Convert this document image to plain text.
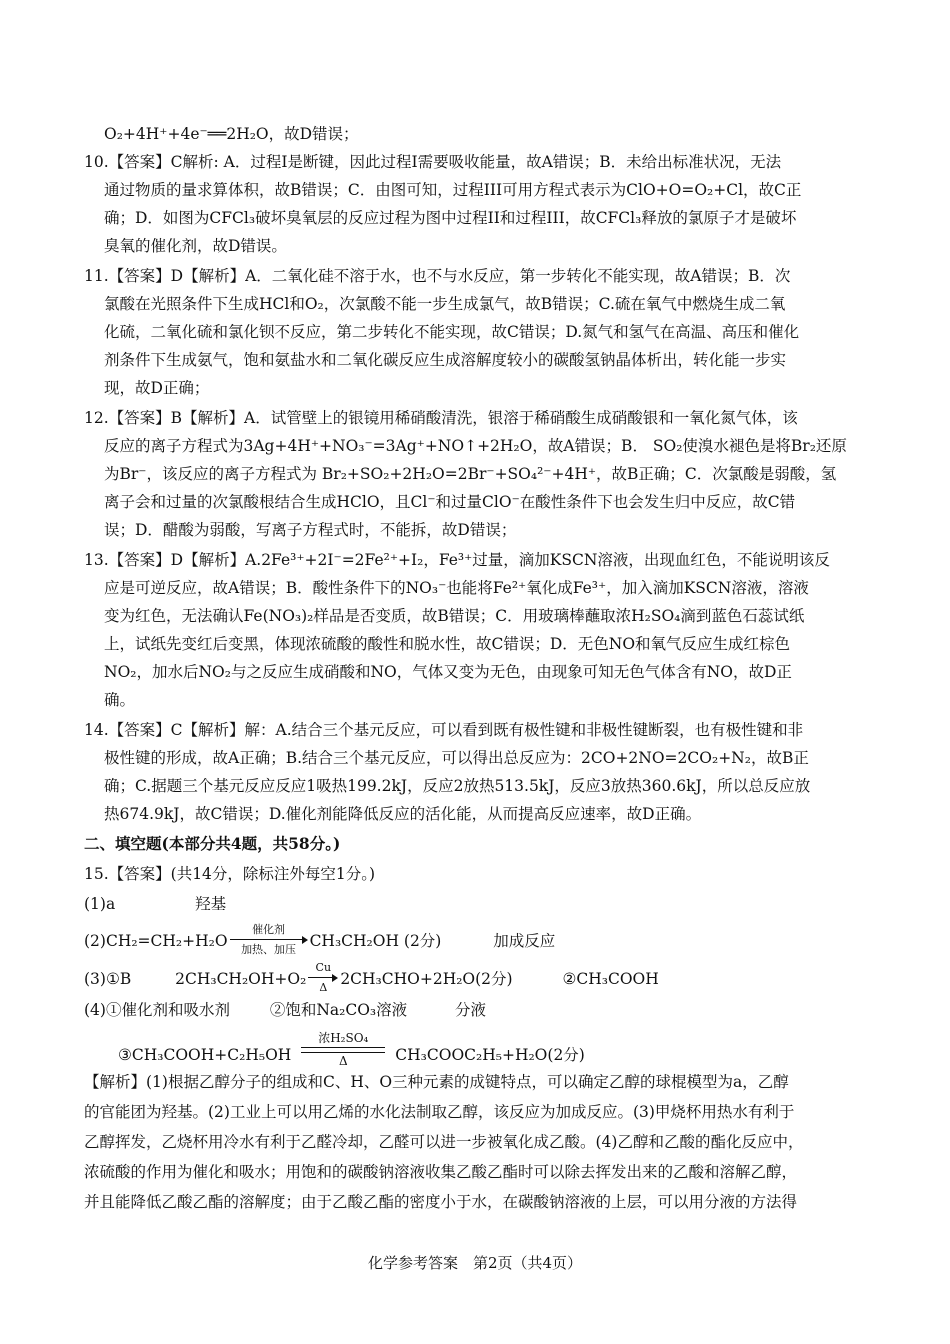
O₂+4H⁺+4e⁻══2H₂O，故D错误；
10.【答案】C解析: A．过程I是断键，因此过程I需要吸收能量，故A错误；B．未给出标准状况，无法
通过物质的量求算体积，故B错误；C．由图可知，过程III可用方程式表示为ClO+O=O₂+Cl，故C正
确；D．如图为CFCl₃破坏臭氧层的反应过程为图中过程II和过程III，故CFCl₃释放的氯原子才是破坏
臭氧的催化剂，故D错误。
11.【答案】D【解析】A．二氧化硅不溶于水，也不与水反应，第一步转化不能实现，故A错误；B．次
氯酸在光照条件下生成HCl和O₂，次氯酸不能一步生成氯气，故B错误；C.硫在氧气中燃烧生成二氧
化硫，二氧化硫和氯化钡不反应，第二步转化不能实现，故C错误；D.氮气和氢气在高温、高压和催化
剂条件下生成氨气，饱和氨盐水和二氧化碳反应生成溶解度较小的碳酸氢钠晶体析出，转化能一步实
现，故D正确；
12.【答案】B【解析】A．试管壁上的银镜用稀硝酸清洗，银溶于稀硝酸生成硝酸银和一氧化氮气体，该
反应的离子方程式为3Ag+4H⁺+NO₃⁻=3Ag⁺+NO↑+2H₂O，故A错误；B． SO₂使溴水褪色是将Br₂还原
为Br⁻，该反应的离子方程式为 Br₂+SO₂+2H₂O=2Br⁻+SO₄²⁻+4H⁺，故B正确；C．次氯酸是弱酸，氢
离子会和过量的次氯酸根结合生成HClO，且Cl⁻和过量ClO⁻在酸性条件下也会发生归中反应，故C错
误；D．醋酸为弱酸，写离子方程式时，不能拆，故D错误；
13.【答案】D【解析】A.2Fe³⁺+2I⁻=2Fe²⁺+I₂，Fe³⁺过量，滴加KSCN溶液，出现血红色，不能说明该反
应是可逆反应，故A错误；B．酸性条件下的NO₃⁻也能将Fe²⁺氧化成Fe³⁺，加入滴加KSCN溶液，溶液
变为红色，无法确认Fe(NO₃)₂样品是否变质，故B错误；C．用玻璃棒蘸取浓H₂SO₄滴到蓝色石蕊试纸
上，试纸先变红后变黑，体现浓硫酸的酸性和脱水性，故C错误；D．无色NO和氧气反应生成红棕色
NO₂，加水后NO₂与之反应生成硝酸和NO，气体又变为无色，由现象可知无色气体含有NO，故D正
确。
14.【答案】C【解析】解：A.结合三个基元反应，可以看到既有极性键和非极性键断裂，也有极性键和非
极性键的形成，故A正确；B.结合三个基元反应，可以得出总反应为：2CO+2NO=2CO₂+N₂，故B正
确；C.据题三个基元反应反应1吸热199.2kJ，反应2放热513.5kJ，反应3放热360.6kJ，所以总反应放
热674.9kJ，故C错误；D.催化剂能降低反应的活化能，从而提高反应速率，故D正确。
二、填空题(本部分共4题，共58分。)
15.【答案】(共14分，除标注外每空1分。)
(1)a	羟基
(2)CH₂=CH₂+H₂O
催化剂
加热、加压 CH₃CH₂OH (2分)	加成反应
(3)①B	2CH₃CH₂OH+O₂
Cu
Δ 2CH₃CHO+2H₂O(2分)	②CH₃COOH
(4)①催化剂和吸水剂	②饱和Na₂CO₃溶液	分液
③CH₃COOH+C₂H₅OH
浓H₂SO₄
Δ	CH₃COOC₂H₅+H₂O(2分)
【解析】(1)根据乙醇分子的组成和C、H、O三种元素的成键特点，可以确定乙醇的球棍模型为a，乙醇
的官能团为羟基。(2)工业上可以用乙烯的水化法制取乙醇，该反应为加成反应。(3)甲烧杯用热水有利于
乙醇挥发，乙烧杯用冷水有利于乙醛冷却，乙醛可以进一步被氧化成乙酸。(4)乙醇和乙酸的酯化反应中，
浓硫酸的作用为催化和吸水；用饱和的碳酸钠溶液收集乙酸乙酯时可以除去挥发出来的乙酸和溶解乙醇，
并且能降低乙酸乙酯的溶解度；由于乙酸乙酯的密度小于水，在碳酸钠溶液的上层，可以用分液的方法得
化学参考答案　第2页（共4页）
